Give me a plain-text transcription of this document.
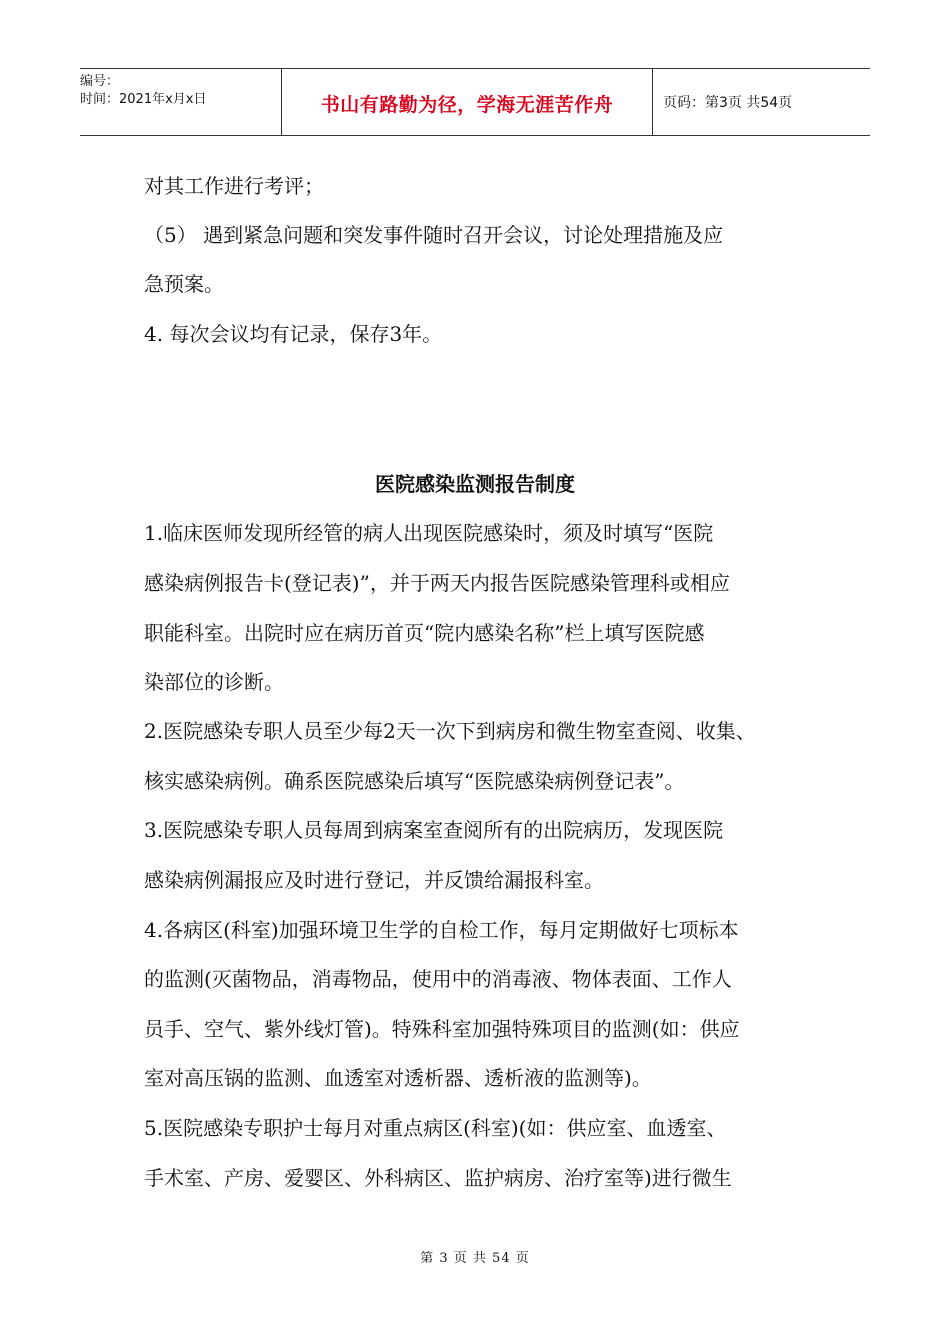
编号：
时间：2021年x月x日	书山有路勤为径，学海无涯苦作舟	页码：第3页 共54页
对其工作进行考评；
（5） 遇到紧急问题和突发事件随时召开会议，讨论处理措施及应
急预案。
4. 每次会议均有记录，保存3年。
医院感染监测报告制度
1.临床医师发现所经管的病人出现医院感染时，须及时填写“医院
感染病例报告卡(登记表)”，并于两天内报告医院感染管理科或相应
职能科室。出院时应在病历首页“院内感染名称”栏上填写医院感
染部位的诊断。
2.医院感染专职人员至少每2天一次下到病房和微生物室查阅、收集、
核实感染病例。确系医院感染后填写“医院感染病例登记表”。
3.医院感染专职人员每周到病案室查阅所有的出院病历，发现医院
感染病例漏报应及时进行登记，并反馈给漏报科室。
4.各病区(科室)加强环境卫生学的自检工作，每月定期做好七项标本
的监测(灭菌物品，消毒物品，使用中的消毒液、物体表面、工作人
员手、空气、紫外线灯管)。特殊科室加强特殊项目的监测(如：供应
室对高压锅的监测、血透室对透析器、透析液的监测等)。
5.医院感染专职护士每月对重点病区(科室)(如：供应室、血透室、
手术室、产房、爱婴区、外科病区、监护病房、治疗室等)进行微生
第 3 页 共 54 页
